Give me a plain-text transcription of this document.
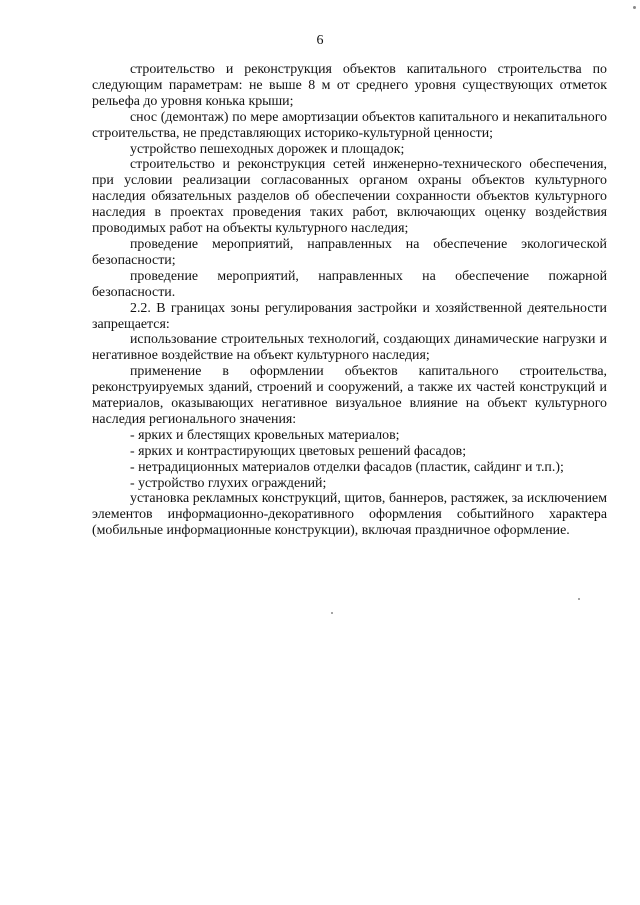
6

строительство и реконструкция объектов капитального строительства по следующим параметрам: не выше 8 м от среднего уровня существующих отметок рельефа до уровня конька крыши;

снос (демонтаж) по мере амортизации объектов капитального и некапитального строительства, не представляющих историко-культурной ценности;

устройство пешеходных дорожек и площадок;

строительство и реконструкция сетей инженерно-технического обеспечения, при условии реализации согласованных органом охраны объектов культурного наследия обязательных разделов об обеспечении сохранности объектов культурного наследия в проектах проведения таких работ, включающих оценку воздействия проводимых работ на объекты культурного наследия;

проведение мероприятий, направленных на обеспечение экологической безопасности;

проведение мероприятий, направленных на обеспечение пожарной безопасности.

2.2. В границах зоны регулирования застройки и хозяйственной деятельности запрещается:

использование строительных технологий, создающих динамические нагрузки и негативное воздействие на объект культурного наследия;

применение в оформлении объектов капитального строительства, реконструируемых зданий, строений и сооружений, а также их частей конструкций и материалов, оказывающих негативное визуальное влияние на объект культурного наследия регионального значения:

- ярких и блестящих кровельных материалов;

- ярких и контрастирующих цветовых решений фасадов;

- нетрадиционных материалов отделки фасадов (пластик, сайдинг и т.п.);

- устройство глухих ограждений;

установка рекламных конструкций, щитов, баннеров, растяжек, за исключением элементов информационно-декоративного оформления событийного характера (мобильные информационные конструкции), включая праздничное оформление.
